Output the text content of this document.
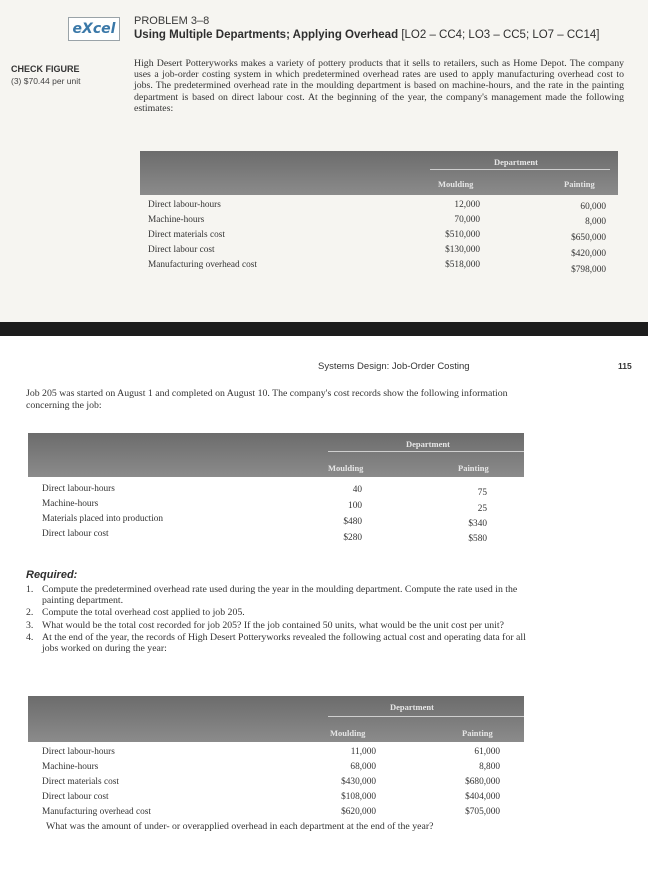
eXcel	PROBLEM 3–8
Using Multiple Departments; Applying Overhead [LO2 – CC4; LO3 – CC5; LO7 – CC14]
CHECK FIGURE
(3) $70.44 per unit
High Desert Potteryworks makes a variety of pottery products that it sells to retailers, such as Home Depot. The company uses a job-order costing system in which predetermined overhead rates are used to apply manufacturing overhead cost to jobs. The predetermined overhead rate in the moulding department is based on machine-hours, and the rate in the painting department is based on direct labour cost. At the beginning of the year, the company's management made the following estimates:
Department
Moulding	Painting
Direct labour-hours	12,000	60,000
Machine-hours	70,000	8,000
Direct materials cost	$510,000	$650,000
Direct labour cost	$130,000	$420,000
Manufacturing overhead cost	$518,000	$798,000
Systems Design: Job-Order Costing	115
Job 205 was started on August 1 and completed on August 10. The company's cost records show the following information concerning the job:
Department
Moulding	Painting
Direct labour-hours	40	75
Machine-hours	100	25
Materials placed into production	$480	$340
Direct labour cost	$280	$580
Required:
1. Compute the predetermined overhead rate used during the year in the moulding department. Compute the rate used in the painting department.
2. Compute the total overhead cost applied to job 205.
3. What would be the total cost recorded for job 205? If the job contained 50 units, what would be the unit cost per unit?
4. At the end of the year, the records of High Desert Potteryworks revealed the following actual cost and operating data for all jobs worked on during the year:
Department
Moulding	Painting
Direct labour-hours	11,000	61,000
Machine-hours	68,000	8,800
Direct materials cost	$430,000	$680,000
Direct labour cost	$108,000	$404,000
Manufacturing overhead cost	$620,000	$705,000
What was the amount of under- or overapplied overhead in each department at the end of the year?
